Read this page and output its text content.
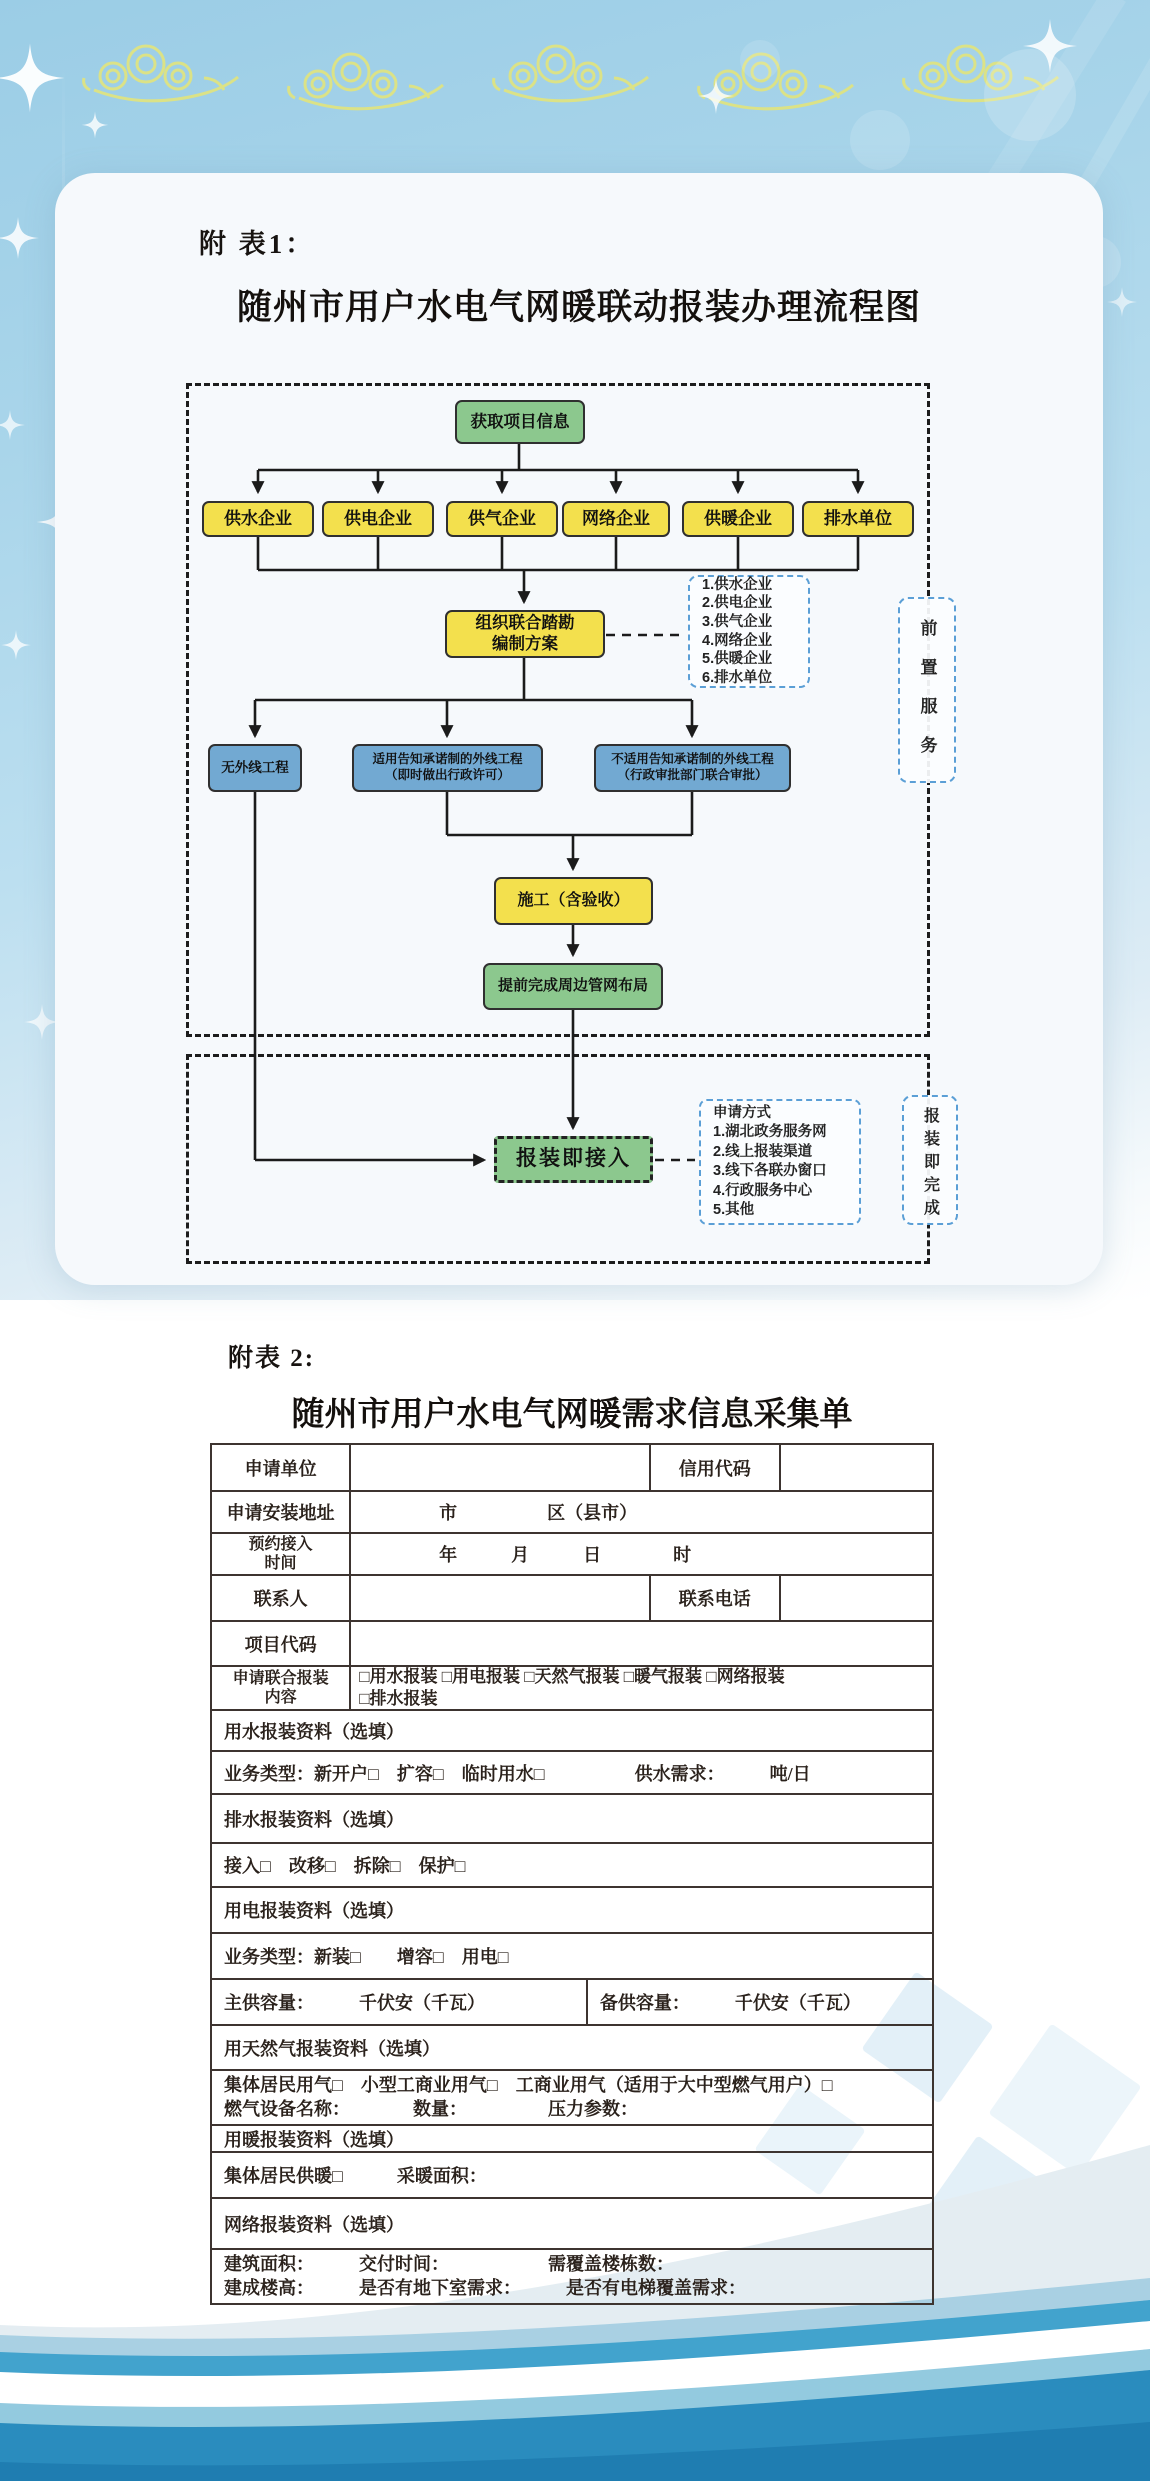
附 表1：
随州市用户水电气网暖联动报装办理流程图
获取项目信息
供水企业	供电企业	供气企业	网络企业	供暖企业	排水单位
组织联合踏勘
编制方案
1.供水企业
2.供电企业
3.供气企业
4.网络企业
5.供暖企业
6.排水单位	前置服务
无外线工程
适用告知承诺制的外线工程
（即时做出行政许可）
不适用告知承诺制的外线工程
（行政审批部门联合审批）
施工（含验收）
提前完成周边管网布局
报装即接入
申请方式
1.湖北政务服务网
2.线上报装渠道
3.线下各联办窗口
4.行政服务中心
5.其他	报装即完成
附表 2:
随州市用户水电气网暖需求信息采集单
申请单位	信用代码
申请安装地址	市　　　　　区（县市）
预约接入
时间	年　　　月　　　日　　　　时
联系人	联系电话
项目代码
申请联合报装
内容
□用水报装 □用电报装 □天然气报装 □暖气报装 □网络报装
□排水报装
用水报装资料（选填）
业务类型：新开户□　扩容□　临时用水□　　　　　供水需求：　　　吨/日
排水报装资料（选填）
接入□　改移□　拆除□　保护□
用电报装资料（选填）
业务类型：新装□　　增容□　用电□
主供容量：　　　千伏安（千瓦）	备供容量：　　　千伏安（千瓦）
用天然气报装资料（选填）
集体居民用气□　小型工商业用气□　工商业用气（适用于大中型燃气用户）□
燃气设备名称：　　　　数量：　　　　　压力参数：
用暖报装资料（选填）
集体居民供暖□　　　采暖面积：
网络报装资料（选填）
建筑面积：　　　交付时间：　　　　　　需覆盖楼栋数：
建成楼高：　　　是否有地下室需求：　　　是否有电梯覆盖需求：
